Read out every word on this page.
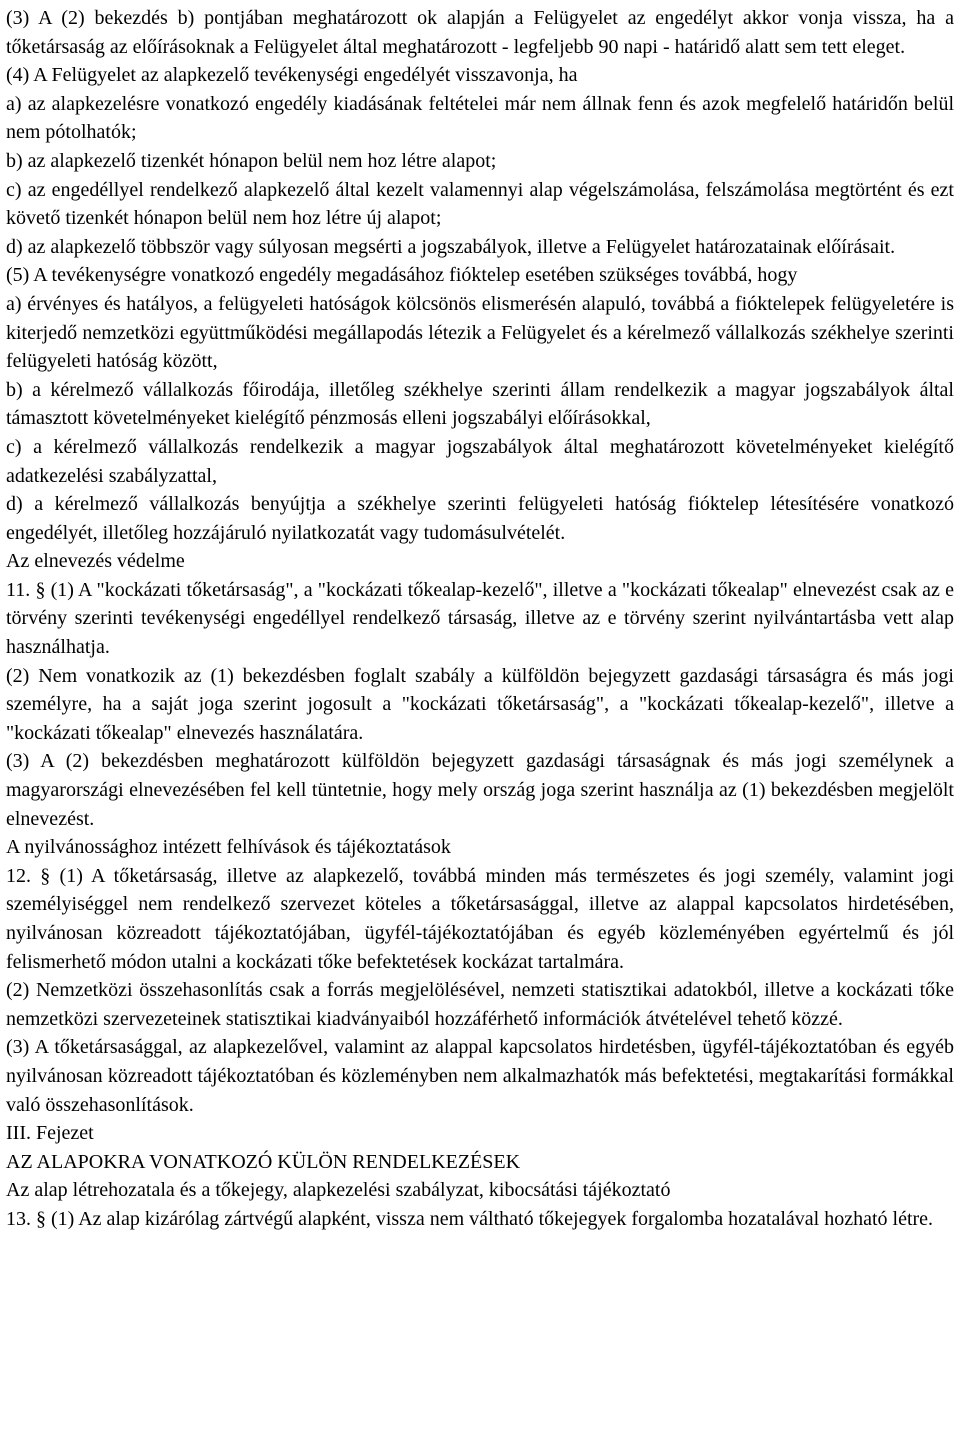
(3) A (2) bekezdés b) pontjában meghatározott ok alapján a Felügyelet az engedélyt akkor vonja vissza, ha a tőketársaság az előírásoknak a Felügyelet által meghatározott - legfeljebb 90 napi - határidő alatt sem tett eleget.

(4) A Felügyelet az alapkezelő tevékenységi engedélyét visszavonja, ha

a) az alapkezelésre vonatkozó engedély kiadásának feltételei már nem állnak fenn és azok megfelelő határidőn belül nem pótolhatók;

b) az alapkezelő tizenkét hónapon belül nem hoz létre alapot;

c) az engedéllyel rendelkező alapkezelő által kezelt valamennyi alap végelszámolása, felszámolása megtörtént és ezt követő tizenkét hónapon belül nem hoz létre új alapot;

d) az alapkezelő többször vagy súlyosan megsérti a jogszabályok, illetve a Felügyelet határozatainak előírásait.

(5) A tevékenységre vonatkozó engedély megadásához fióktelep esetében szükséges továbbá, hogy

a) érvényes és hatályos, a felügyeleti hatóságok kölcsönös elismerésén alapuló, továbbá a fióktelepek felügyeletére is kiterjedő nemzetközi együttműködési megállapodás létezik a Felügyelet és a kérelmező vállalkozás székhelye szerinti felügyeleti hatóság között,

b) a kérelmező vállalkozás főirodája, illetőleg székhelye szerinti állam rendelkezik a magyar jogszabályok által támasztott követelményeket kielégítő pénzmosás elleni jogszabályi előírásokkal,

c) a kérelmező vállalkozás rendelkezik a magyar jogszabályok által meghatározott követelményeket kielégítő adatkezelési szabályzattal,

d) a kérelmező vállalkozás benyújtja a székhelye szerinti felügyeleti hatóság fióktelep létesítésére vonatkozó engedélyét, illetőleg hozzájáruló nyilatkozatát vagy tudomásulvételét.

Az elnevezés védelme

11. § (1) A "kockázati tőketársaság", a "kockázati tőkealap-kezelő", illetve a "kockázati tőkealap" elnevezést csak az e törvény szerinti tevékenységi engedéllyel rendelkező társaság, illetve az e törvény szerint nyilvántartásba vett alap használhatja.

(2) Nem vonatkozik az (1) bekezdésben foglalt szabály a külföldön bejegyzett gazdasági társaságra és más jogi személyre, ha a saját joga szerint jogosult a "kockázati tőketársaság", a "kockázati tőkealap-kezelő", illetve a "kockázati tőkealap" elnevezés használatára.

(3) A (2) bekezdésben meghatározott külföldön bejegyzett gazdasági társaságnak és más jogi személynek a magyarországi elnevezésében fel kell tüntetnie, hogy mely ország joga szerint használja az (1) bekezdésben megjelölt elnevezést.

A nyilvánossághoz intézett felhívások és tájékoztatások

12. § (1) A tőketársaság, illetve az alapkezelő, továbbá minden más természetes és jogi személy, valamint jogi személyiséggel nem rendelkező szervezet köteles a tőketársasággal, illetve az alappal kapcsolatos hirdetésében, nyilvánosan közreadott tájékoztatójában, ügyfél-tájékoztatójában és egyéb közleményében egyértelmű és jól felismerhető módon utalni a kockázati tőke befektetések kockázat tartalmára.

(2) Nemzetközi összehasonlítás csak a forrás megjelölésével, nemzeti statisztikai adatokból, illetve a kockázati tőke nemzetközi szervezeteinek statisztikai kiadványaiból hozzáférhető információk átvételével tehető közzé.

(3) A tőketársasággal, az alapkezelővel, valamint az alappal kapcsolatos hirdetésben, ügyfél-tájékoztatóban és egyéb nyilvánosan közreadott tájékoztatóban és közleményben nem alkalmazhatók más befektetési, megtakarítási formákkal való összehasonlítások.

III. Fejezet

AZ ALAPOKRA VONATKOZÓ KÜLÖN RENDELKEZÉSEK

Az alap létrehozatala és a tőkejegy, alapkezelési szabályzat, kibocsátási tájékoztató

13. § (1) Az alap kizárólag zártvégű alapként, vissza nem váltható tőkejegyek forgalomba hozatalával hozható létre.
